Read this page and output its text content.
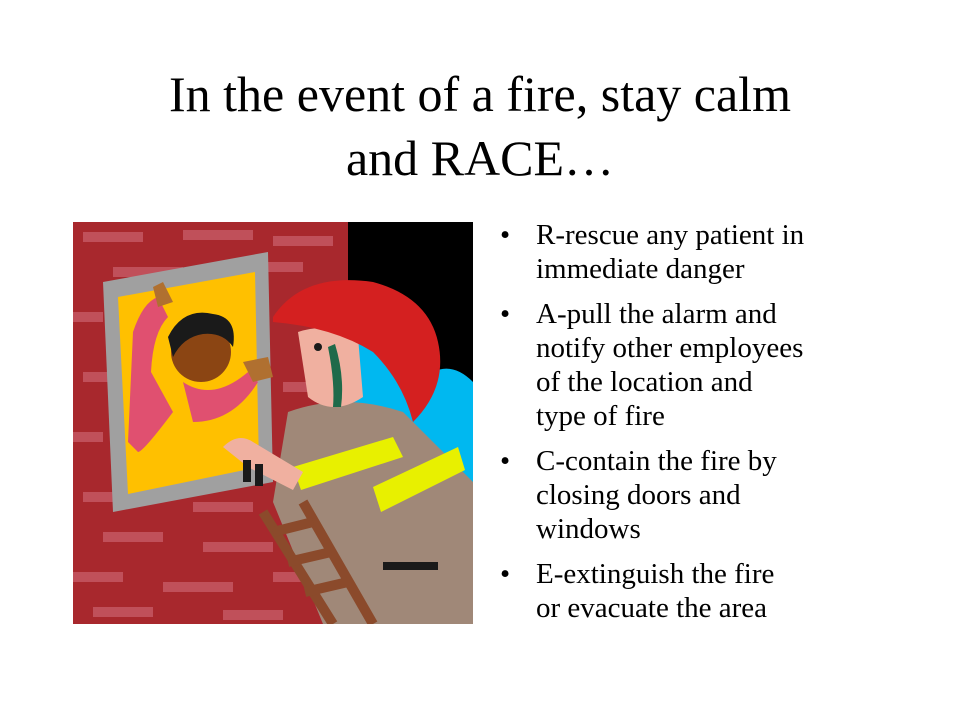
In the event of a fire, stay calm
and RACE…
• R-rescue any patient in
immediate danger
• A-pull the alarm and
notify other employees
of the location and
type of fire
• C-contain the fire by
closing doors and
windows
• E-extinguish the fire
or evacuate the area
